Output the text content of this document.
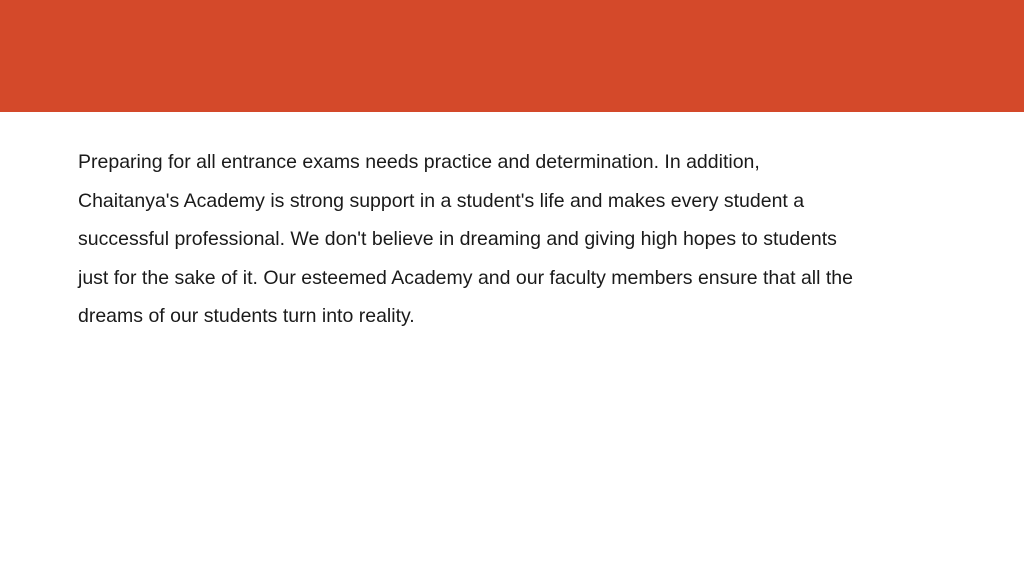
Preparing for all entrance exams needs practice and determination. In addition,
Chaitanya's Academy is strong support in a student's life and makes every student a
successful professional. We don't believe in dreaming and giving high hopes to students
just for the sake of it. Our esteemed Academy and our faculty members ensure that all the
dreams of our students turn into reality.
